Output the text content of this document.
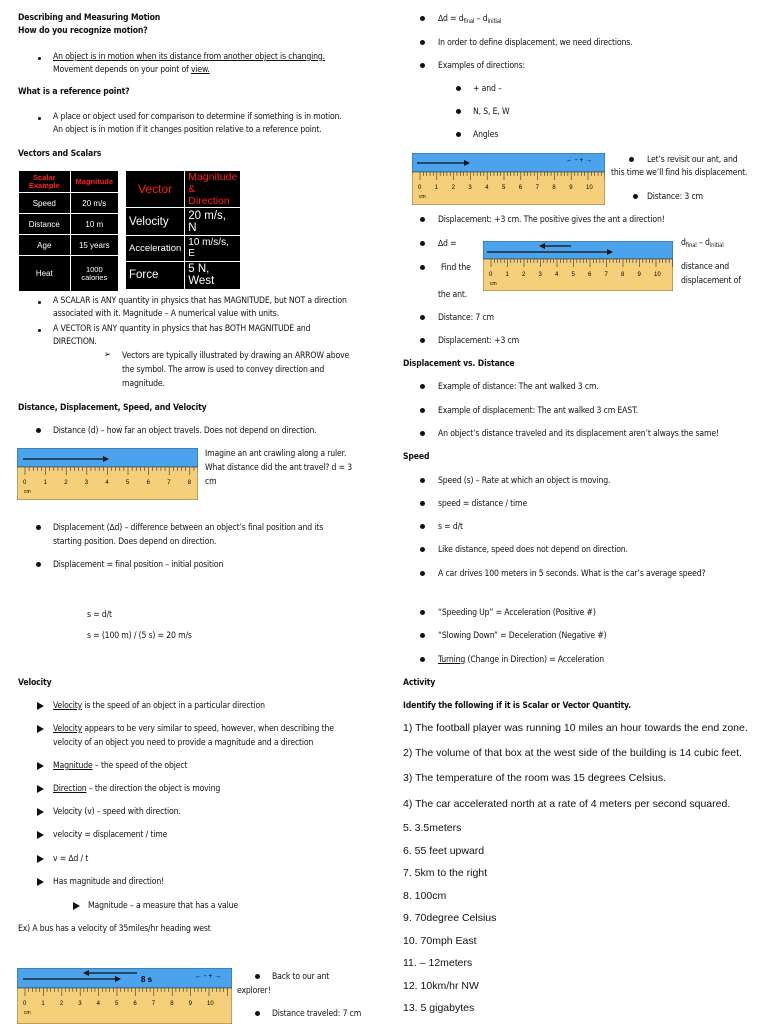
Describing and Measuring Motion
How do you recognize motion?
An object is in motion when its distance from another object is changing.
Movement depends on your point of view.
What is a reference point?
A place or object used for comparison to determine if something is in motion.
An object is in motion if it changes position relative to a reference point.
Vectors and Scalars
Scalar Example	Magnitude
Speed	20 m/s
Distance	10 m
Age	15 years
Heat	1000 calories
Vector	Magnitude & Direction
Velocity	20 m/s, N
Acceleration	10 m/s/s, E
Force	5 N, West
A SCALAR is ANY quantity in physics that has MAGNITUDE, but NOT a direction
associated with it. Magnitude – A numerical value with units.
A VECTOR is ANY quantity in physics that has BOTH MAGNITUDE and
DIRECTION.
➢ Vectors are typically illustrated by drawing an ARROW above
the symbol. The arrow is used to convey direction and
magnitude.
Distance, Displacement, Speed, and Velocity
Distance (d) – how far an object travels. Does not depend on direction.
0	1	2	3	4	5	6	7	8
cm
Imagine an ant crawling along a ruler.
What distance did the ant travel? d = 3
cm
Displacement (∆d) – difference between an object’s final position and its
starting position. Does depend on direction.
Displacement = final position – initial position
s = d/t
s = (100 m) / (5 s) = 20 m/s
Velocity
Velocity is the speed of an object in a particular direction
Velocity appears to be very similar to speed, however, when describing the
velocity of an object you need to provide a magnitude and a direction
Magnitude – the speed of the object
Direction – the direction the object is moving
Velocity (v) – speed with direction.
velocity = displacement / time
v = ∆d / t
Has magnitude and direction!
Magnitude – a measure that has a value
Ex) A bus has a velocity of 35miles/hr heading west
8 s	← - + →
0	1	2	3	4	5	6	7	8	9	10
cm
Back to our ant
explorer!
Distance traveled: 7 cm
$\Delta d = d_{final} - d_{initial}$
In order to define displacement, we need directions.
Examples of directions:
+ and –
N, S, E, W
Angles
← - + →
0 1 2 3 4 5 6 7 8 9 10
cm
Let’s revisit our ant, and
this time we’ll find his displacement.
Distance: 3 cm
Displacement: +3 cm. The positive gives the ant a direction!
∆d =
Find the
the ant.
0 1 2 3 4 5 6 7 8 9 10
cm
$d_{final} - d_{initial}$
distance and
displacement of
Distance: 7 cm
Displacement: +3 cm
Displacement vs. Distance
Example of distance: The ant walked 3 cm.
Example of displacement: The ant walked 3 cm EAST.
An object’s distance traveled and its displacement aren’t always the same!
Speed
Speed (s) – Rate at which an object is moving.
speed = distance / time
s = d/t
Like distance, speed does not depend on direction.
A car drives 100 meters in 5 seconds. What is the car’s average speed?
“Speeding Up” = Acceleration (Positive #)
“Slowing Down” = Deceleration (Negative #)
Turning (Change in Direction) = Acceleration
Activity
Identify the following if it is Scalar or Vector Quantity.
1) The football player was running 10 miles an hour towards the end zone.
2) The volume of that box at the west side of the building is 14 cubic feet.
3) The temperature of the room was 15 degrees Celsius.
4) The car accelerated north at a rate of 4 meters per second squared.
5. 3.5meters
6. 55 feet upward
7. 5km to the right
8. 100cm
9. 70degree Celsius
10. 70mph East
11. – 12meters
12. 10km/hr NW
13. 5 gigabytes
